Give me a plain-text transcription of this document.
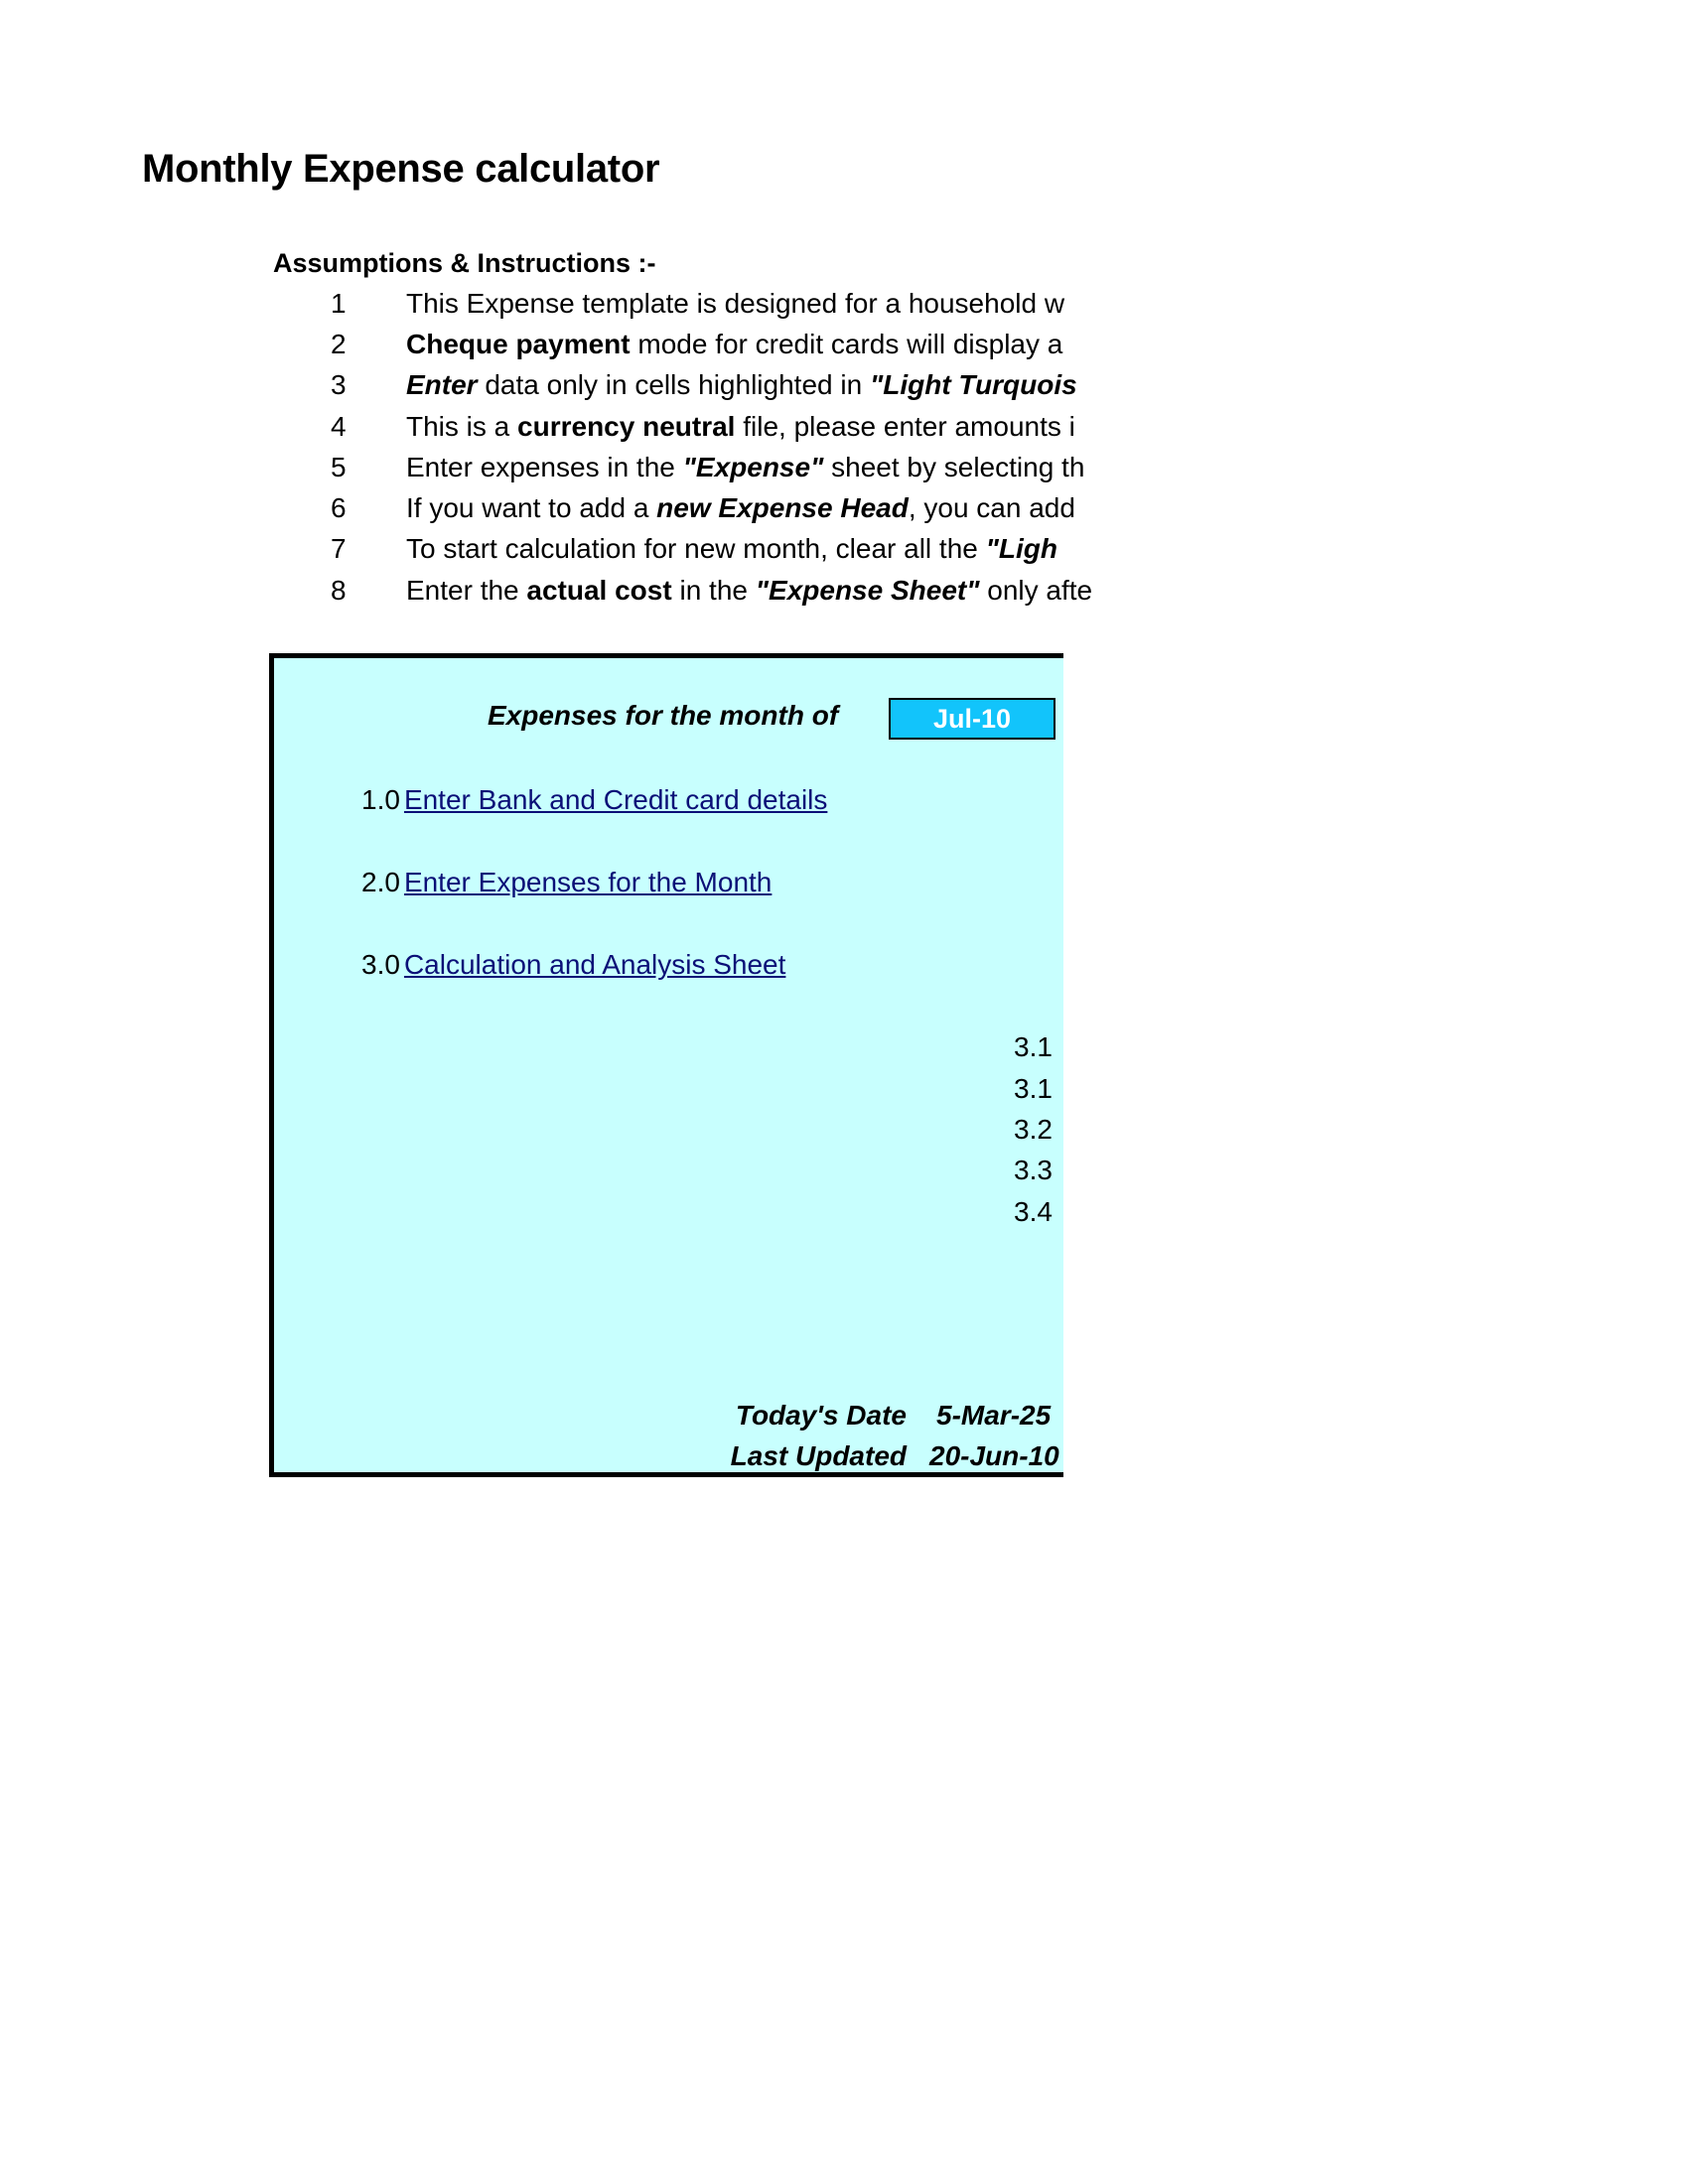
Monthly Expense calculator
Assumptions & Instructions :-
1	This Expense template is designed for a household w
2	Cheque payment mode for credit cards will display a
3	Enter data only in cells highlighted in "Light Turquois
4	This is a currency neutral file, please enter amounts i
5	Enter expenses in the "Expense" sheet by selecting th
6	If you want to add a new Expense Head, you can add
7	To start calculation for new month, clear all the "Ligh
8	Enter the actual cost in the "Expense Sheet" only afte
Expenses for the month of	Jul-10
1.0 Enter Bank and Credit card details
2.0 Enter Expenses for the Month
3.0 Calculation and Analysis Sheet
3.1
3.1
3.2
3.3
3.4
Today's Date 5-Mar-25
Last Updated 20-Jun-10
